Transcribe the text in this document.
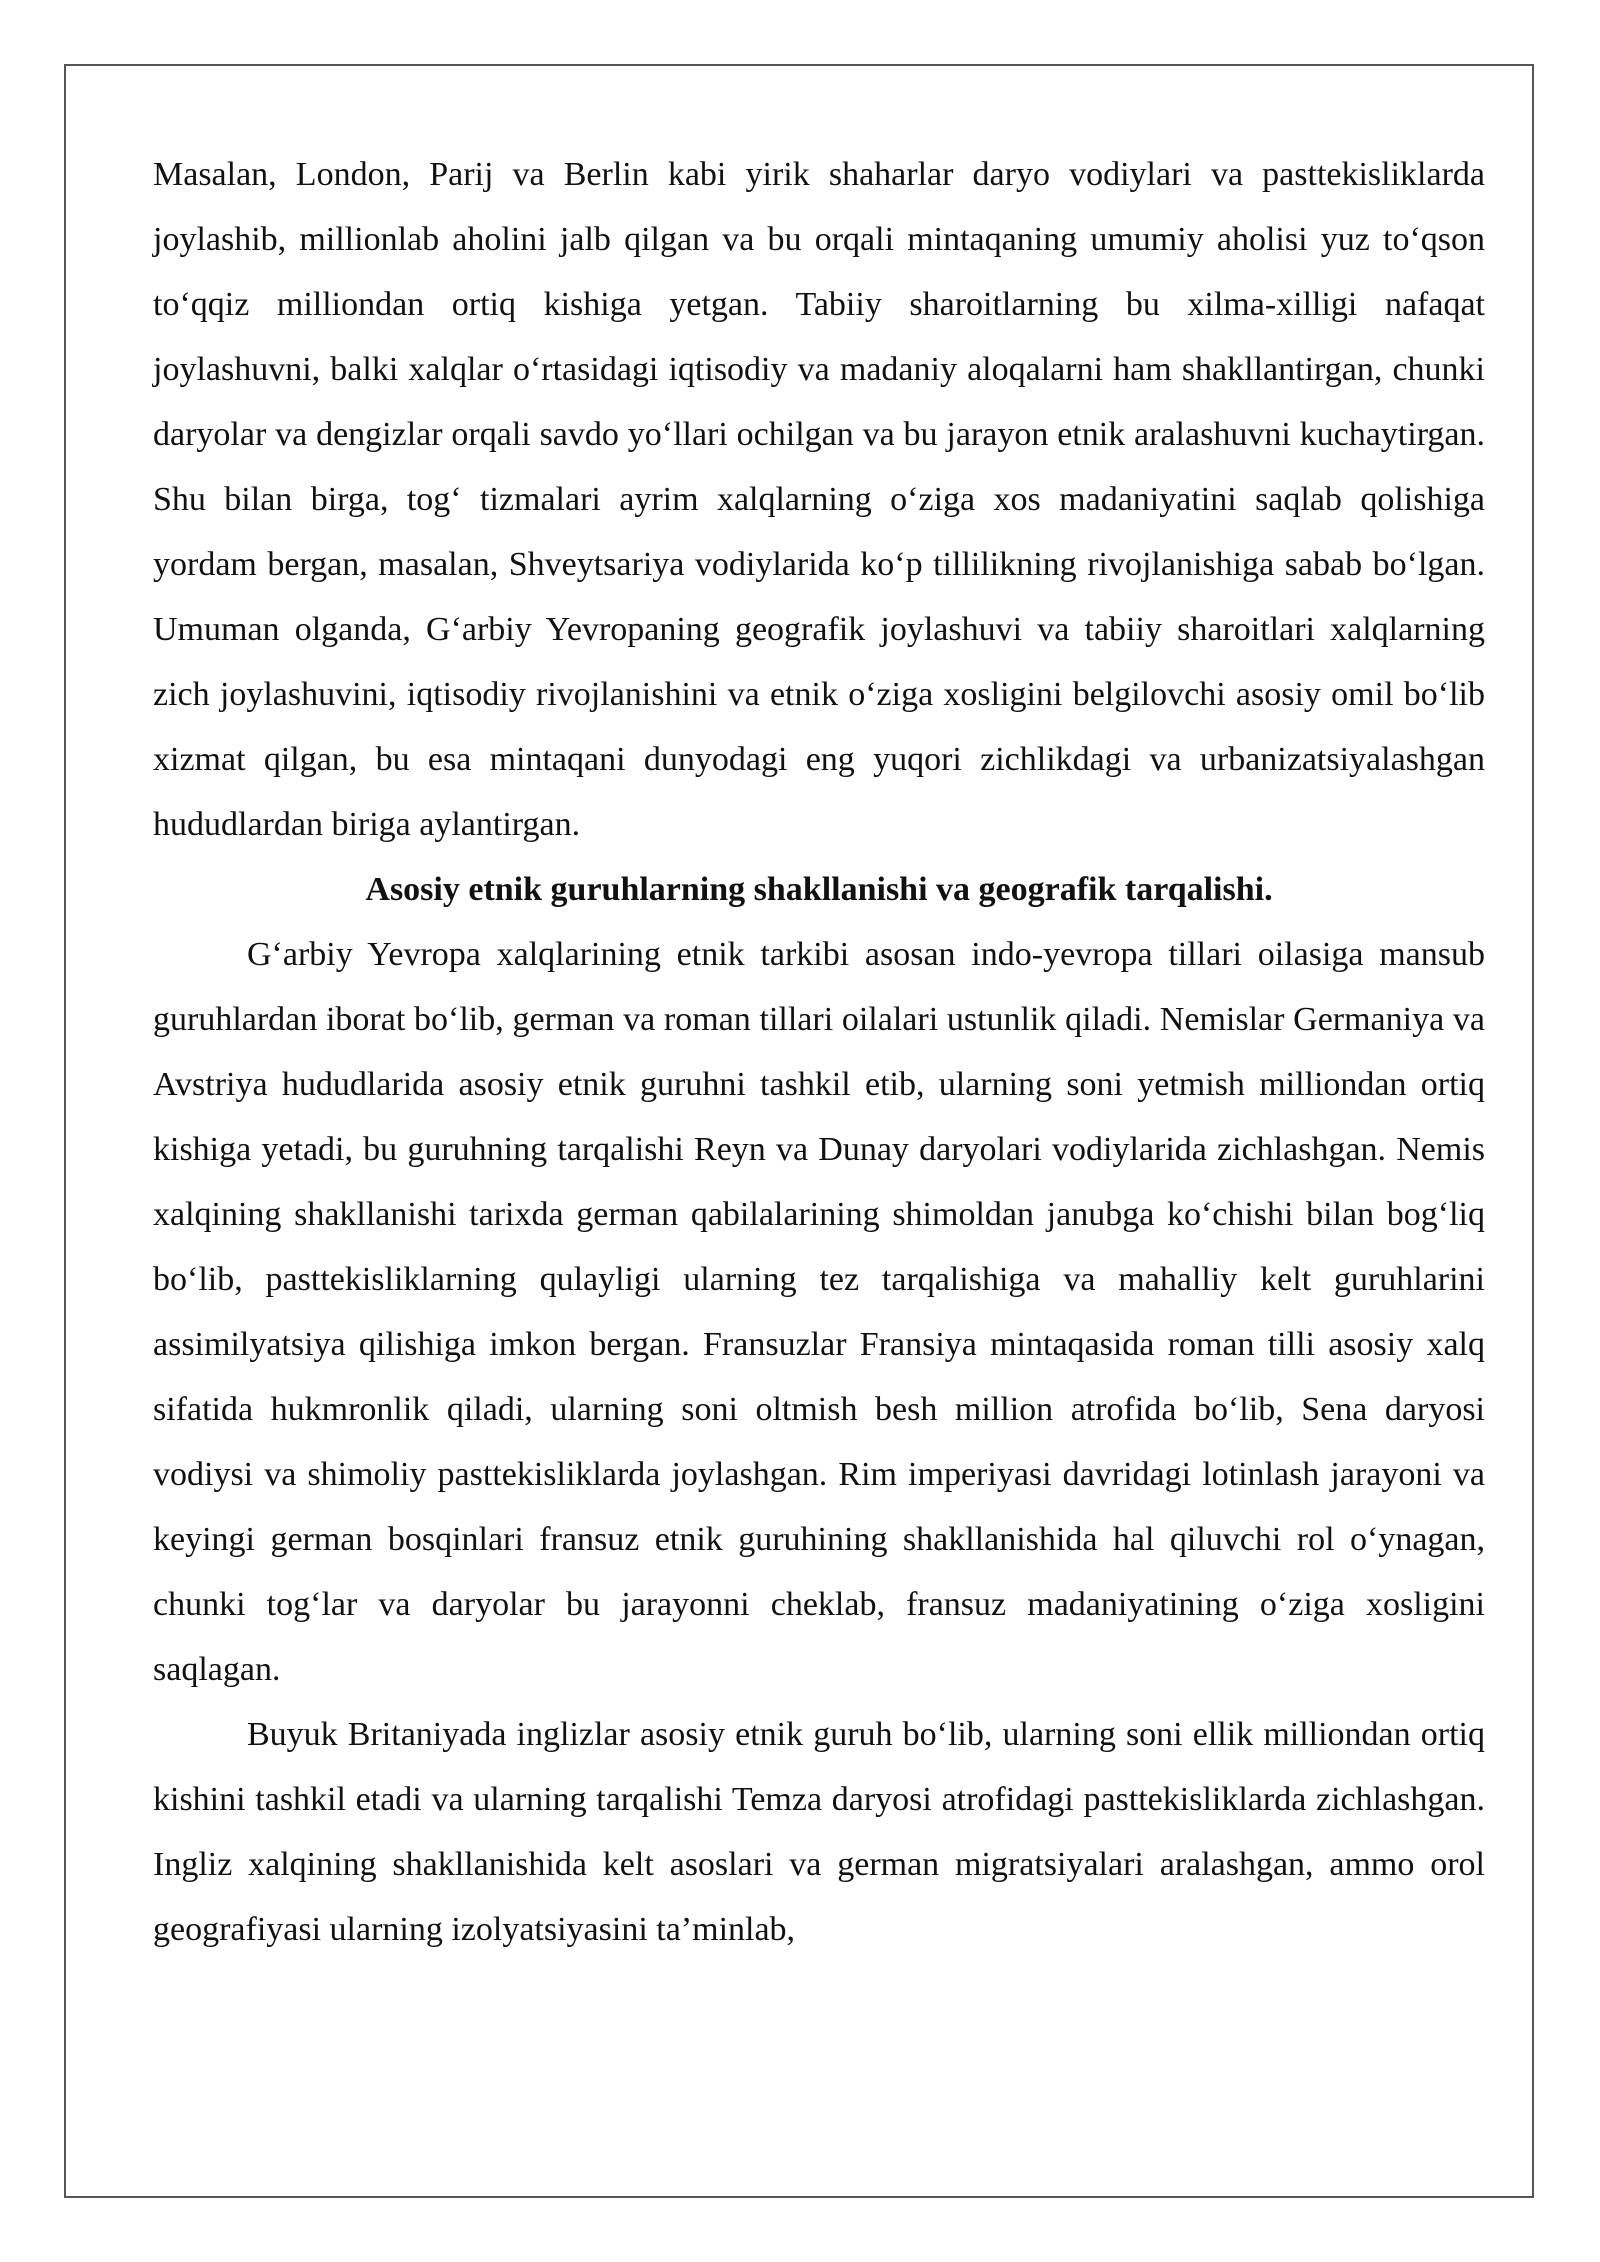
Masalan, London, Parij va Berlin kabi yirik shaharlar daryo vodiylari va pasttekisliklarda joylashib, millionlab aholini jalb qilgan va bu orqali mintaqaning umumiy aholisi yuz to‘qson to‘qqiz milliondan ortiq kishiga yetgan. Tabiiy sharoitlarning bu xilma-xilligi nafaqat joylashuvni, balki xalqlar o‘rtasidagi iqtisodiy va madaniy aloqalarni ham shakllantirgan, chunki daryolar va dengizlar orqali savdo yo‘llari ochilgan va bu jarayon etnik aralashuvni kuchaytirgan. Shu bilan birga, tog‘ tizmalari ayrim xalqlarning o‘ziga xos madaniyatini saqlab qolishiga yordam bergan, masalan, Shveytsariya vodiylarida ko‘p tillilikning rivojlanishiga sabab bo‘lgan. Umuman olganda, G‘arbiy Yevropaning geografik joylashuvi va tabiiy sharoitlari xalqlarning zich joylashuvini, iqtisodiy rivojlanishini va etnik o‘ziga xosligini belgilovchi asosiy omil bo‘lib xizmat qilgan, bu esa mintaqani dunyodagi eng yuqori zichlikdagi va urbanizatsiyalashgan hududlardan biriga aylantirgan.

Asosiy etnik guruhlarning shakllanishi va geografik tarqalishi.

G‘arbiy Yevropa xalqlarining etnik tarkibi asosan indo-yevropa tillari oilasiga mansub guruhlardan iborat bo‘lib, german va roman tillari oilalari ustunlik qiladi. Nemislar Germaniya va Avstriya hududlarida asosiy etnik guruhni tashkil etib, ularning soni yetmish milliondan ortiq kishiga yetadi, bu guruhning tarqalishi Reyn va Dunay daryolari vodiylarida zichlashgan. Nemis xalqining shakllanishi tarixda german qabilalarining shimoldan janubga ko‘chishi bilan bog‘liq bo‘lib, pasttekisliklarning qulayligi ularning tez tarqalishiga va mahalliy kelt guruhlarini assimilyatsiya qilishiga imkon bergan. Fransuzlar Fransiya mintaqasida roman tilli asosiy xalq sifatida hukmronlik qiladi, ularning soni oltmish besh million atrofida bo‘lib, Sena daryosi vodiysi va shimoliy pasttekisliklarda joylashgan. Rim imperiyasi davridagi lotinlash jarayoni va keyingi german bosqinlari fransuz etnik guruhining shakllanishida hal qiluvchi rol o‘ynagan, chunki tog‘lar va daryolar bu jarayonni cheklab, fransuz madaniyatining o‘ziga xosligini saqlagan.

Buyuk Britaniyada inglizlar asosiy etnik guruh bo‘lib, ularning soni ellik milliondan ortiq kishini tashkil etadi va ularning tarqalishi Temza daryosi atrofidagi pasttekisliklarda zichlashgan. Ingliz xalqining shakllanishida kelt asoslari va german migratsiyalari aralashgan, ammo orol geografiyasi ularning izolyatsiyasini ta’minlab,
